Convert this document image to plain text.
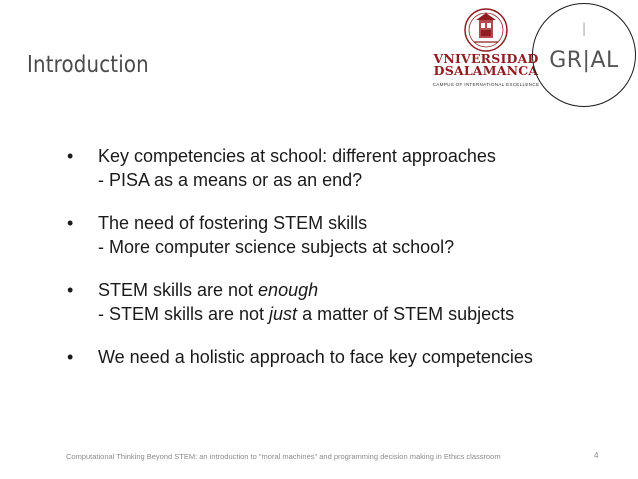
Introduction	VNIVERSIDAD
DSALAMANCA
CAMPUS OF INTERNATIONAL EXCELLENCE
I
GR|AL
• Key competencies at school: different approaches
- PISA as a means or as an end?
• The need of fostering STEM skills
- More computer science subjects at school?
• STEM skills are not enough
- STEM skills are not just a matter of STEM subjects
• We need a holistic approach to face key competencies
Computational Thinking Beyond STEM: an introduction to "moral machines" and programming decision making in Ethics classroom	4
